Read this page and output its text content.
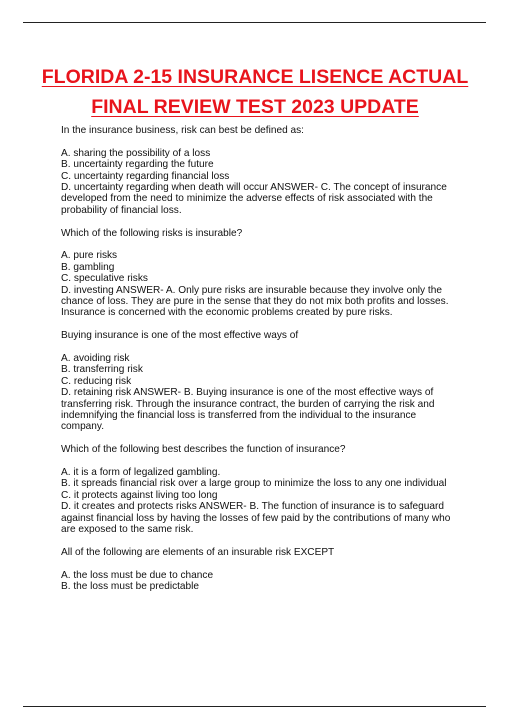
FLORIDA 2-15 INSURANCE LISENCE ACTUAL
FINAL REVIEW TEST 2023 UPDATE
In the insurance business, risk can best be defined as:
A. sharing the possibility of a loss
B. uncertainty regarding the future
C. uncertainty regarding financial loss
D. uncertainty regarding when death will occur ANSWER- C. The concept of insurance developed from the need to minimize the adverse effects of risk associated with the probability of financial loss.
Which of the following risks is insurable?
A. pure risks
B. gambling
C. speculative risks
D. investing ANSWER- A. Only pure risks are insurable because they involve only the chance of loss. They are pure in the sense that they do not mix both profits and losses. Insurance is concerned with the economic problems created by pure risks.
Buying insurance is one of the most effective ways of
A. avoiding risk
B. transferring risk
C. reducing risk
D. retaining risk ANSWER- B. Buying insurance is one of the most effective ways of transferring risk. Through the insurance contract, the burden of carrying the risk and indemnifying the financial loss is transferred from the individual to the insurance company.
Which of the following best describes the function of insurance?
A. it is a form of legalized gambling.
B. it spreads financial risk over a large group to minimize the loss to any one individual
C. it protects against living too long
D. it creates and protects risks ANSWER- B. The function of insurance is to safeguard against financial loss by having the losses of few paid by the contributions of many who are exposed to the same risk.
All of the following are elements of an insurable risk EXCEPT
A. the loss must be due to chance
B. the loss must be predictable
